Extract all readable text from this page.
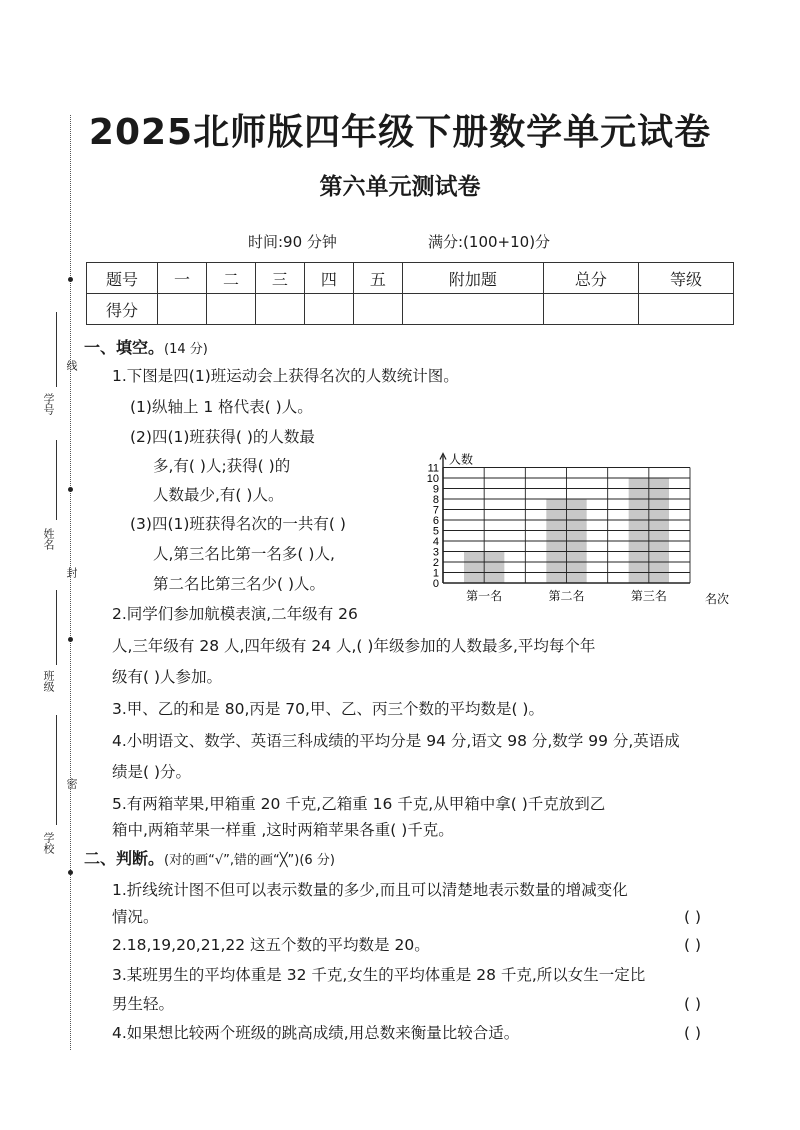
学号
线
姓名
封
班级
密
学校
2025北师版四年级下册数学单元试卷
第六单元测试卷
时间:90 分钟	满分:(100+10)分
题号	一	二	三	四	五	附加题	总分	等级
得分								
一、填空。(14 分)
1.下图是四(1)班运动会上获得名次的人数统计图。
(1)纵轴上 1 格代表( )人。
(2)四(1)班获得( )的人数最
多,有( )人;获得( )的
人数最少,有( )人。
(3)四(1)班获得名次的一共有( )
人,第三名比第一名多( )人,
第二名比第三名少( )人。	0
1
2
3
4
5
6
7
8
9
10
11
人数
第一名	第二名	第三名	名次
2.同学们参加航模表演,二年级有 26
人,三年级有 28 人,四年级有 24 人,( )年级参加的人数最多,平均每个年
级有( )人参加。
3.甲、乙的和是 80,丙是 70,甲、乙、丙三个数的平均数是( )。
4.小明语文、数学、英语三科成绩的平均分是 94 分,语文 98 分,数学 99 分,英语成
绩是( )分。
5.有两箱苹果,甲箱重 20 千克,乙箱重 16 千克,从甲箱中拿( )千克放到乙
箱中,两箱苹果一样重 ,这时两箱苹果各重( )千克。
二、判断。(对的画“√”,错的画“╳”)(6 分)
1.折线统计图不但可以表示数量的多少,而且可以清楚地表示数量的增减变化
情况。	( )
2.18,19,20,21,22 这五个数的平均数是 20。	( )
3.某班男生的平均体重是 32 千克,女生的平均体重是 28 千克,所以女生一定比
男生轻。	( )
4.如果想比较两个班级的跳高成绩,用总数来衡量比较合适。	( )
